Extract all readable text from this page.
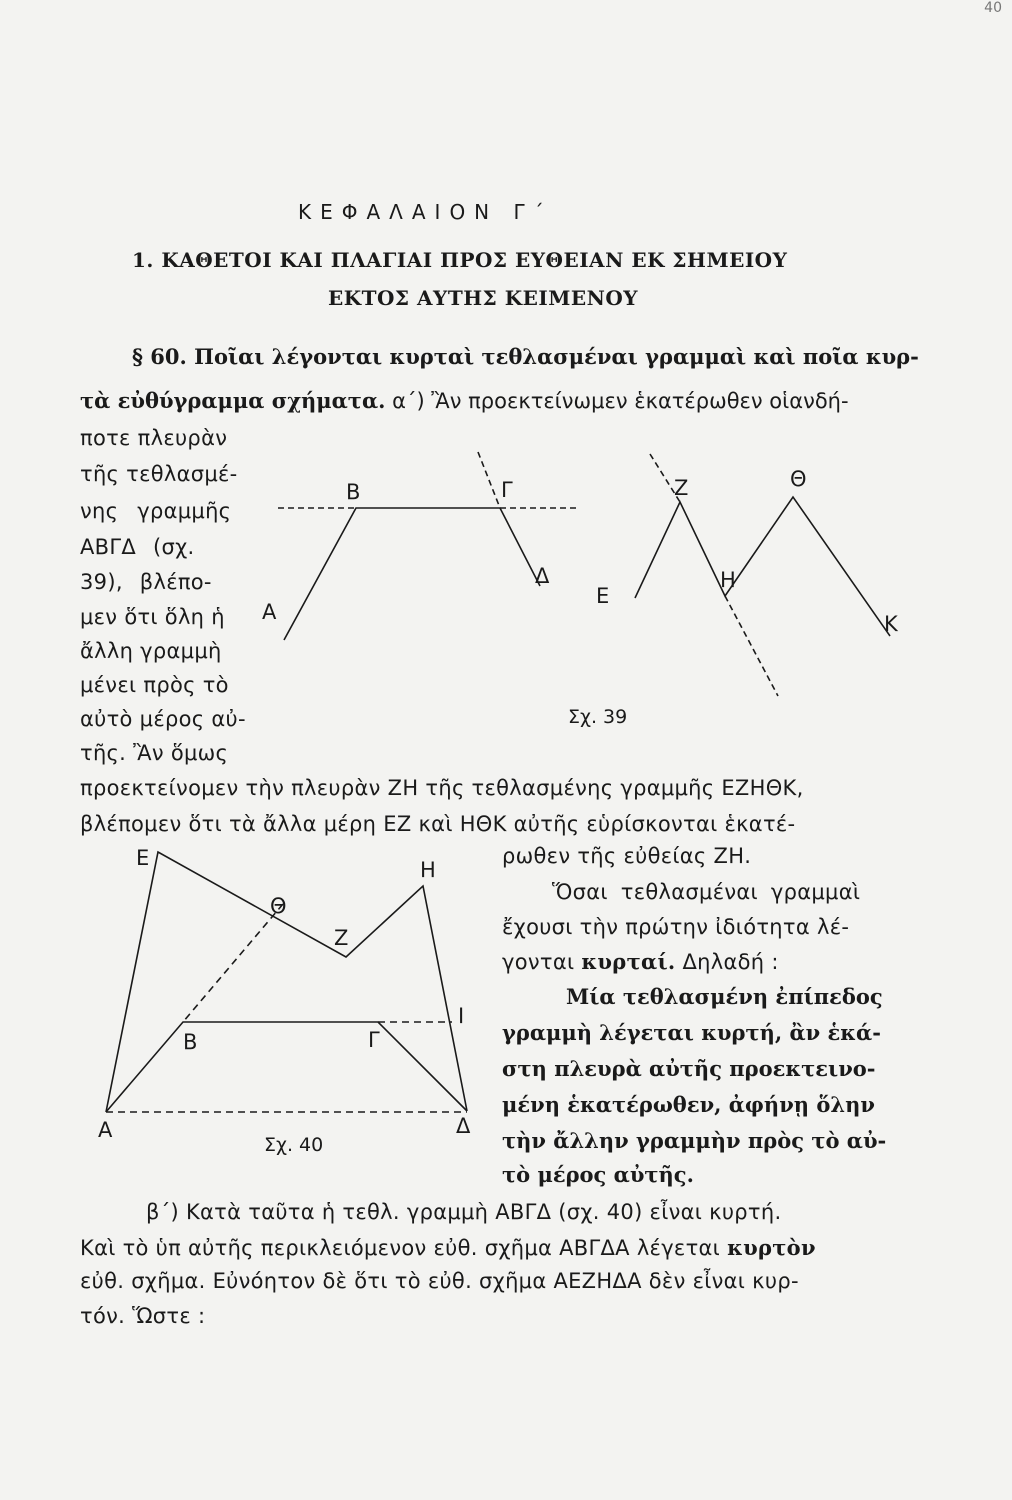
40
ΚΕΦΑΛΑΙΟΝ Γ΄
1. ΚΑΘΕΤΟΙ ΚΑΙ ΠΛΑΓΙΑΙ ΠΡΟΣ ΕΥΘΕΙΑΝ ΕΚ ΣΗΜΕΙΟΥ
ΕΚΤΟΣ ΑΥΤΗΣ ΚΕΙΜΕΝΟΥ
§ 60. Ποῖαι λέγονται κυρταὶ τεθλασμέναι γραμμαὶ καὶ ποῖα κυρ-
τὰ εὐθύγραμμα σχήματα. α΄) Ἂν προεκτείνωμεν ἑκατέρωθεν οἱανδή-
ποτε πλευρὰν
τῆς τεθλασμέ-
νης γραμμῆς
ΑΒΓΔ (σχ.
39), βλέπο-
μεν ὅτι ὅλη ἡ
ἄλλη γραμμὴ
μένει πρὸς τὸ
αὐτὸ μέρος αὐ-
τῆς. Ἂν ὅμως
προεκτείνομεν τὴν πλευρὰν ΖΗ τῆς τεθλασμένης γραμμῆς ΕΖΗΘΚ,
βλέπομεν ὅτι τὰ ἄλλα μέρη ΕΖ καὶ ΗΘΚ αὐτῆς εὑρίσκονται ἑκατέ-
ρωθεν τῆς εὐθείας ΖΗ.
Ὅσαι τεθλασμέναι γραμμαὶ
ἔχουσι τὴν πρώτην ἰδιότητα λέ-
γονται κυρταί. Δηλαδή :
Μία τεθλασμένη ἐπίπεδος
γραμμὴ λέγεται κυρτή, ἂν ἑκά-
στη πλευρὰ αὐτῆς προεκτεινο-
μένη ἑκατέρωθεν, ἀφήνῃ ὅλην
τὴν ἄλλην γραμμὴν πρὸς τὸ αὐ-
τὸ μέρος αὐτῆς.
β΄) Κατὰ ταῦτα ἡ τεθλ. γραμμὴ ΑΒΓΔ (σχ. 40) εἶναι κυρτή.
Καὶ τὸ ὑπ αὐτῆς περικλειόμενον εὐθ. σχῆμα ΑΒΓΔΑ λέγεται κυρτὸν
εὐθ. σχῆμα. Εὐνόητον δὲ ὅτι τὸ εὐθ. σχῆμα ΑΕΖΗΔΑ δὲν εἶναι κυρ-
τόν. Ὥστε :
Β	Γ
Δ
Α
Ζ	Θ
Ε
Η
Κ
Σχ. 39
Ε	Η
Θ
Ζ
Β	Γ
Ι
Α	Δ
Σχ. 40
